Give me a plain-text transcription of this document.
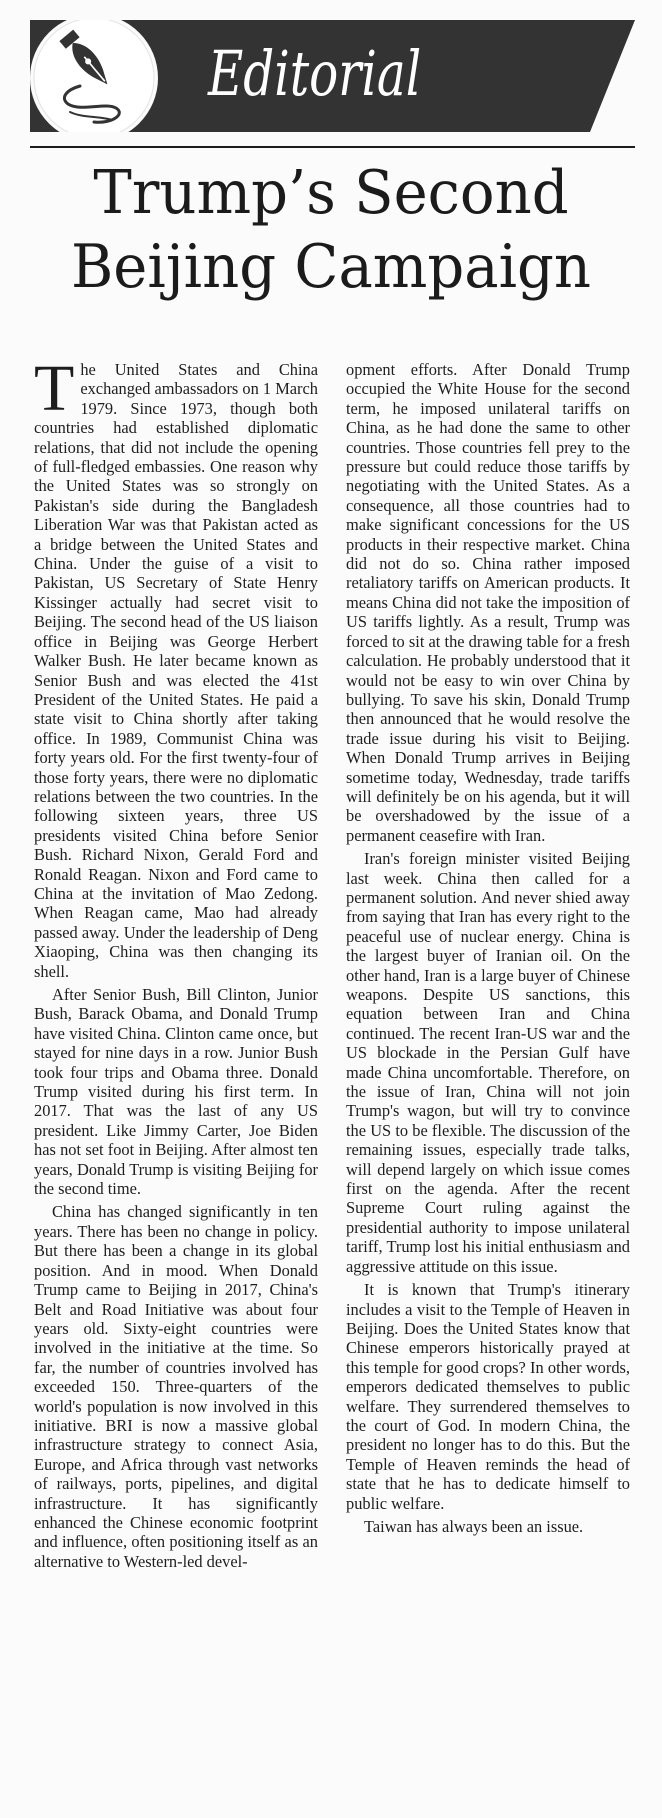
Editorial
Trump’s Second
Beijing Campaign

The United States and China exchanged ambassadors on 1 March 1979. Since 1973, though both countries had established diplomatic relations, that did not include the opening of full-fledged embassies. One reason why the United States was so strongly on Pakistan's side during the Bangladesh Liberation War was that Pakistan acted as a bridge between the United States and China. Under the guise of a visit to Pakistan, US Secretary of State Henry Kissinger actually had secret visit to Beijing. The second head of the US liaison office in Beijing was George Herbert Walker Bush. He later became known as Senior Bush and was elected the 41st President of the United States. He paid a state visit to China shortly after taking office. In 1989, Communist China was forty years old. For the first twenty-four of those forty years, there were no diplomatic relations between the two countries. In the following sixteen years, three US presidents visited China before Senior Bush. Richard Nixon, Gerald Ford and Ronald Reagan. Nixon and Ford came to China at the invitation of Mao Zedong. When Reagan came, Mao had already passed away. Under the leadership of Deng Xiaoping, China was then changing its shell.

After Senior Bush, Bill Clinton, Junior Bush, Barack Obama, and Donald Trump have visited China. Clinton came once, but stayed for nine days in a row. Junior Bush took four trips and Obama three. Donald Trump visited during his first term. In 2017. That was the last of any US president. Like Jimmy Carter, Joe Biden has not set foot in Beijing. After almost ten years, Donald Trump is visiting Beijing for the second time.

China has changed significantly in ten years. There has been no change in policy. But there has been a change in its global position. And in mood. When Donald Trump came to Beijing in 2017, China's Belt and Road Initiative was about four years old. Sixty-eight countries were involved in the initiative at the time. So far, the number of countries involved has exceeded 150. Three-quarters of the world's population is now involved in this initiative. BRI is now a massive global infrastructure strategy to connect Asia, Europe, and Africa through vast networks of railways, ports, pipelines, and digital infrastructure. It has significantly enhanced the Chinese economic footprint and influence, often positioning itself as an alternative to Western-led devel-

opment efforts. After Donald Trump occupied the White House for the second term, he imposed unilateral tariffs on China, as he had done the same to other countries. Those countries fell prey to the pressure but could reduce those tariffs by negotiating with the United States. As a consequence, all those countries had to make significant concessions for the US products in their respective market. China did not do so. China rather imposed retaliatory tariffs on American products. It means China did not take the imposition of US tariffs lightly. As a result, Trump was forced to sit at the drawing table for a fresh calculation. He probably understood that it would not be easy to win over China by bullying. To save his skin, Donald Trump then announced that he would resolve the trade issue during his visit to Beijing. When Donald Trump arrives in Beijing sometime today, Wednesday, trade tariffs will definitely be on his agenda, but it will be overshadowed by the issue of a permanent ceasefire with Iran.

Iran's foreign minister visited Beijing last week. China then called for a permanent solution. And never shied away from saying that Iran has every right to the peaceful use of nuclear energy. China is the largest buyer of Iranian oil. On the other hand, Iran is a large buyer of Chinese weapons. Despite US sanctions, this equation between Iran and China continued. The recent Iran-US war and the US blockade in the Persian Gulf have made China uncomfortable. Therefore, on the issue of Iran, China will not join Trump's wagon, but will try to convince the US to be flexible. The discussion of the remaining issues, especially trade talks, will depend largely on which issue comes first on the agenda. After the recent Supreme Court ruling against the presidential authority to impose unilateral tariff, Trump lost his initial enthusiasm and aggressive attitude on this issue.

It is known that Trump's itinerary includes a visit to the Temple of Heaven in Beijing. Does the United States know that Chinese emperors historically prayed at this temple for good crops? In other words, emperors dedicated themselves to public welfare. They surrendered themselves to the court of God. In modern China, the president no longer has to do this. But the Temple of Heaven reminds the head of state that he has to dedicate himself to public welfare.

Taiwan has always been an issue.
